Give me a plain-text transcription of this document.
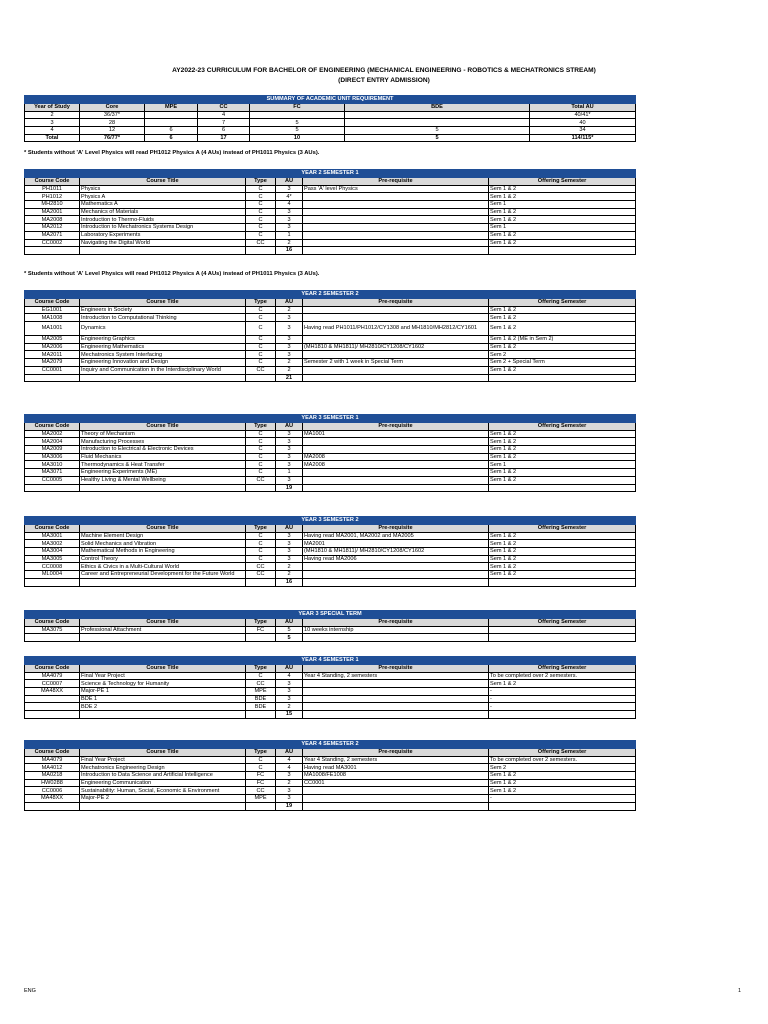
AY2022-23 CURRICULUM FOR BACHELOR OF ENGINEERING (MECHANICAL ENGINEERING - ROBOTICS & MECHATRONICS STREAM)
(DIRECT ENTRY ADMISSION)
SUMMARY OF ACADEMIC UNIT REQUIREMENT						
Year of Study	Core	MPE	CC	FC	BDE	Total AU
2	36/37*		4			40/41*
3	28		7	5		40
4	12	6	6	5	5	34
Total	76/77*	6	17	10	5	114/115*
* Students without 'A' Level Physics will read PH1012 Physics A (4 AUs) instead of PH1011 Physics (3 AUs).
YEAR 2 SEMESTER 1					
Course Code	Course Title	Type	AU	Pre-requisite	Offering Semester
PH1011	Physics	C	3	Pass 'A' level Physics	Sem 1 & 2
PH1012	Physics A	C	4*		Sem 1 & 2
MH2810	Mathematics A	C	4		Sem 1
MA2001	Mechanics of Materials	C	3		Sem 1 & 2
MA2008	Introduction to Thermo-Fluids	C	3		Sem 1 & 2
MA2012	Introduction to Mechatronics Systems Design	C	3		Sem 1
MA2071	Laboratory Experiments	C	1		Sem 1 & 2
CC0002	Navigating the Digital World	CC	2		Sem 1 & 2
			16		
* Students without 'A' Level Physics will read PH1012 Physics A (4 AUs) instead of PH1011 Physics (3 AUs).
YEAR 2 SEMESTER 2					
Course Code	Course Title	Type	AU	Pre-requisite	Offering Semester
EG1001	Engineers in Society	C	2		Sem 1 & 2
MA1008	Introduction to Computational Thinking	C	3		Sem 1 & 2
MA1001	Dynamics	C	3	Having read PH1011/PH1012/CY1308 and MH1810/MH2812/CY1601	Sem 1 & 2
MA2005	Engineering Graphics	C	3		Sem 1 & 2 (ME in Sem 2)
MA2006	Engineering Mathematics	C	3	(MH1810 & MH1811)/ MH2810/CY1208/CY1602	Sem 1 & 2
MA2011	Mechatronics System Interfacing	C	3		Sem 2
MA2079	Engineering Innovation and Design	C	2	Semester 2 with 1 week in Special Term	Sem 2 + Special Term
CC0001	Inquiry and Communication in the Interdisciplinary World	CC	2		Sem 1 & 2
			21		
YEAR 3 SEMESTER 1					
Course Code	Course Title	Type	AU	Pre-requisite	Offering Semester
MA2002	Theory of Mechanism	C	3	MA1001	Sem 1 & 2
MA2004	Manufacturing Processes	C	3		Sem 1 & 2
MA2009	Introduction to Electrical & Electronic Devices	C	3		Sem 1 & 2
MA3006	Fluid Mechanics	C	3	MA2008	Sem 1 & 2
MA3010	Thermodynamics & Heat Transfer	C	3	MA2008	Sem 1
MA3071	Engineering Experiments (ME)	C	1		Sem 1 & 2
CC0005	Healthy Living & Mental Wellbeing	CC	3		Sem 1 & 2
			19		
YEAR 3 SEMESTER 2					
Course Code	Course Title	Type	AU	Pre-requisite	Offering Semester
MA3001	Machine Element Design	C	3	Having read MA2001, MA2002 and MA2005	Sem 1 & 2
MA3002	Solid Mechanics and Vibration	C	3	MA2001	Sem 1 & 2
MA3004	Mathematical Methods in Engineering	C	3	(MH1810 & MH1811)/ MH2810/CY1208/CY1602	Sem 1 & 2
MA3005	Control Theory	C	3	Having read MA2006	Sem 1 & 2
CC0008	Ethics & Civics in a Multi-Cultural World	CC	2		Sem 1 & 2
ML0004	Career and Entrepreneurial Development for the Future World	CC	2		Sem 1 & 2
			16		
YEAR 3 SPECIAL TERM					
Course Code	Course Title	Type	AU	Pre-requisite	Offering Semester
MA3075	Professional Attachment	FC	5	10 weeks internship	
			5		
YEAR 4 SEMESTER 1					
Course Code	Course Title	Type	AU	Pre-requisite	Offering Semester
MA4079	Final Year Project	C	4	Year 4 Standing, 2 semesters	To be completed over 2 semesters.
CC0007	Science & Technology for Humanity	CC	3		Sem 1 & 2
MA48XX	Major-PE 1	MPE	3		-
	BDE 1	BDE	3		-
	BDE 2	BDE	2		-
			15		
YEAR 4 SEMESTER 2					
Course Code	Course Title	Type	AU	Pre-requisite	Offering Semester
MA4079	Final Year Project	C	4	Year 4 Standing, 2 semesters	To be completed over 2 semesters.
MA4012	Mechatronics Engineering Design	C	4	Having read MA3001	Sem 2
MA0218	Introduction to Data Science and Artificial Intelligence	FC	3	MA1008/FE1008	Sem 1 & 2
HW0288	Engineering Communication	FC	2	CC0001	Sem 1 & 2
CC0006	Sustainability: Human, Social, Economic & Environment	CC	3		Sem 1 & 2
MA48XX	Major-PE 2	MPE	3		-
			19		
ENG	1
